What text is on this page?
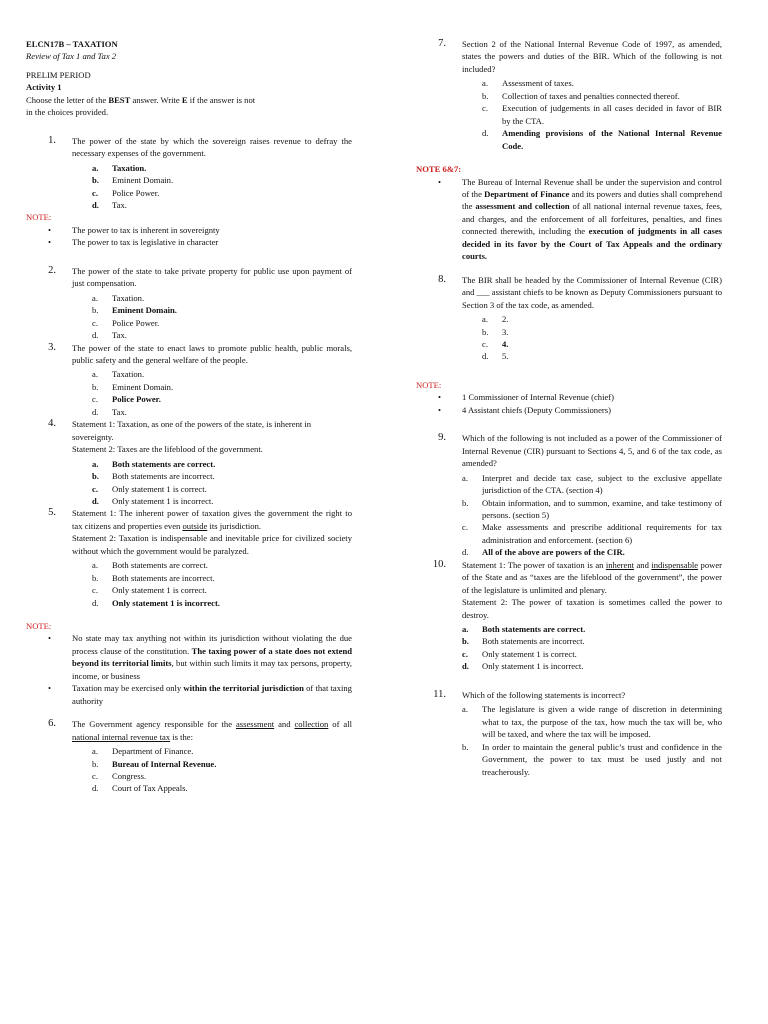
ELCN17B – TAXATION

Review of Tax 1 and Tax 2

PRELIM PERIOD

Activity 1

Choose the letter of the BEST answer. Write E if the answer is not in the choices provided.

1. The power of the state by which the sovereign raises revenue to defray the necessary expenses of the government.

a. Taxation.
b. Eminent Domain.
c. Police Power.
d. Tax.

NOTE:

• The power to tax is inherent in sovereignty
• The power to tax is legislative in character
2. The power of the state to take private property for public use upon payment of just compensation.

a. Taxation.
b. Eminent Domain.
c. Police Power.
d. Tax.
3. The power of the state to enact laws to promote public health, public morals, public safety and the general welfare of the people.

a. Taxation.
b. Eminent Domain.
c. Police Power.
d. Tax.
4. Statement 1: Taxation, as one of the powers of the state, is inherent in sovereignty.

Statement 2: Taxes are the lifeblood of the government.

a. Both statements are correct.
b. Both statements are incorrect.
c. Only statement 1 is correct.
d. Only statement 1 is incorrect.
5. Statement 1: The inherent power of taxation gives the government the right to tax citizens and properties even outside its jurisdiction.

Statement 2: Taxation is indispensable and inevitable price for civilized society without which the government would be paralyzed.

a. Both statements are correct.
b. Both statements are incorrect.
c. Only statement 1 is correct.
d. Only statement 1 is incorrect.

NOTE:

• No state may tax anything not within its jurisdiction without violating the due process clause of the constitution. The taxing power of a state does not extend beyond its territorial limits, but within such limits it may tax persons, property, income, or business
• Taxation may be exercised only within the territorial jurisdiction of that taxing authority
6. The Government agency responsible for the assessment and collection of all national internal revenue tax is the:

a. Department of Finance.
b. Bureau of Internal Revenue.
c. Congress.
d. Court of Tax Appeals.
7. Section 2 of the National Internal Revenue Code of 1997, as amended, states the powers and duties of the BIR. Which of the following is not included?

a. Assessment of taxes.
b. Collection of taxes and penalties connected thereof.
c. Execution of judgements in all cases decided in favor of BIR by the CTA.
d. Amending provisions of the National Internal Revenue Code.

NOTE 6&7:

• The Bureau of Internal Revenue shall be under the supervision and control of the Department of Finance and its powers and duties shall comprehend the assessment and collection of all national internal revenue taxes, fees, and charges, and the enforcement of all forfeitures, penalties, and fines connected therewith, including the execution of judgments in all cases decided in its favor by the Court of Tax Appeals and the ordinary courts.
8. The BIR shall be headed by the Commissioner of Internal Revenue (CIR) and ___ assistant chiefs to be known as Deputy Commissioners pursuant to Section 3 of the tax code, as amended.

a. 2.
b. 3.
c. 4.
d. 5.

NOTE:

• 1 Commissioner of Internal Revenue (chief)
• 4 Assistant chiefs (Deputy Commissioners)
9. Which of the following is not included as a power of the Commissioner of Internal Revenue (CIR) pursuant to Sections 4, 5, and 6 of the tax code, as amended?

a. Interpret and decide tax case, subject to the exclusive appellate jurisdiction of the CTA. (section 4)
b. Obtain information, and to summon, examine, and take testimony of persons. (section 5)
c. Make assessments and prescribe additional requirements for tax administration and enforcement. (section 6)
d. All of the above are powers of the CIR.
10. Statement 1: The power of taxation is an inherent and indispensable power of the State and as “taxes are the lifeblood of the government”, the power of the legislature is unlimited and plenary.

Statement 2: The power of taxation is sometimes called the power to destroy.

a. Both statements are correct.
b. Both statements are incorrect.
c. Only statement 1 is correct.
d. Only statement 1 is incorrect.
11. Which of the following statements is incorrect?

a. The legislature is given a wide range of discretion in determining what to tax, the purpose of the tax, how much the tax will be, who will be taxed, and where the tax will be imposed.
b. In order to maintain the general public’s trust and confidence in the Government, the power to tax must be used justly and not treacherously.
